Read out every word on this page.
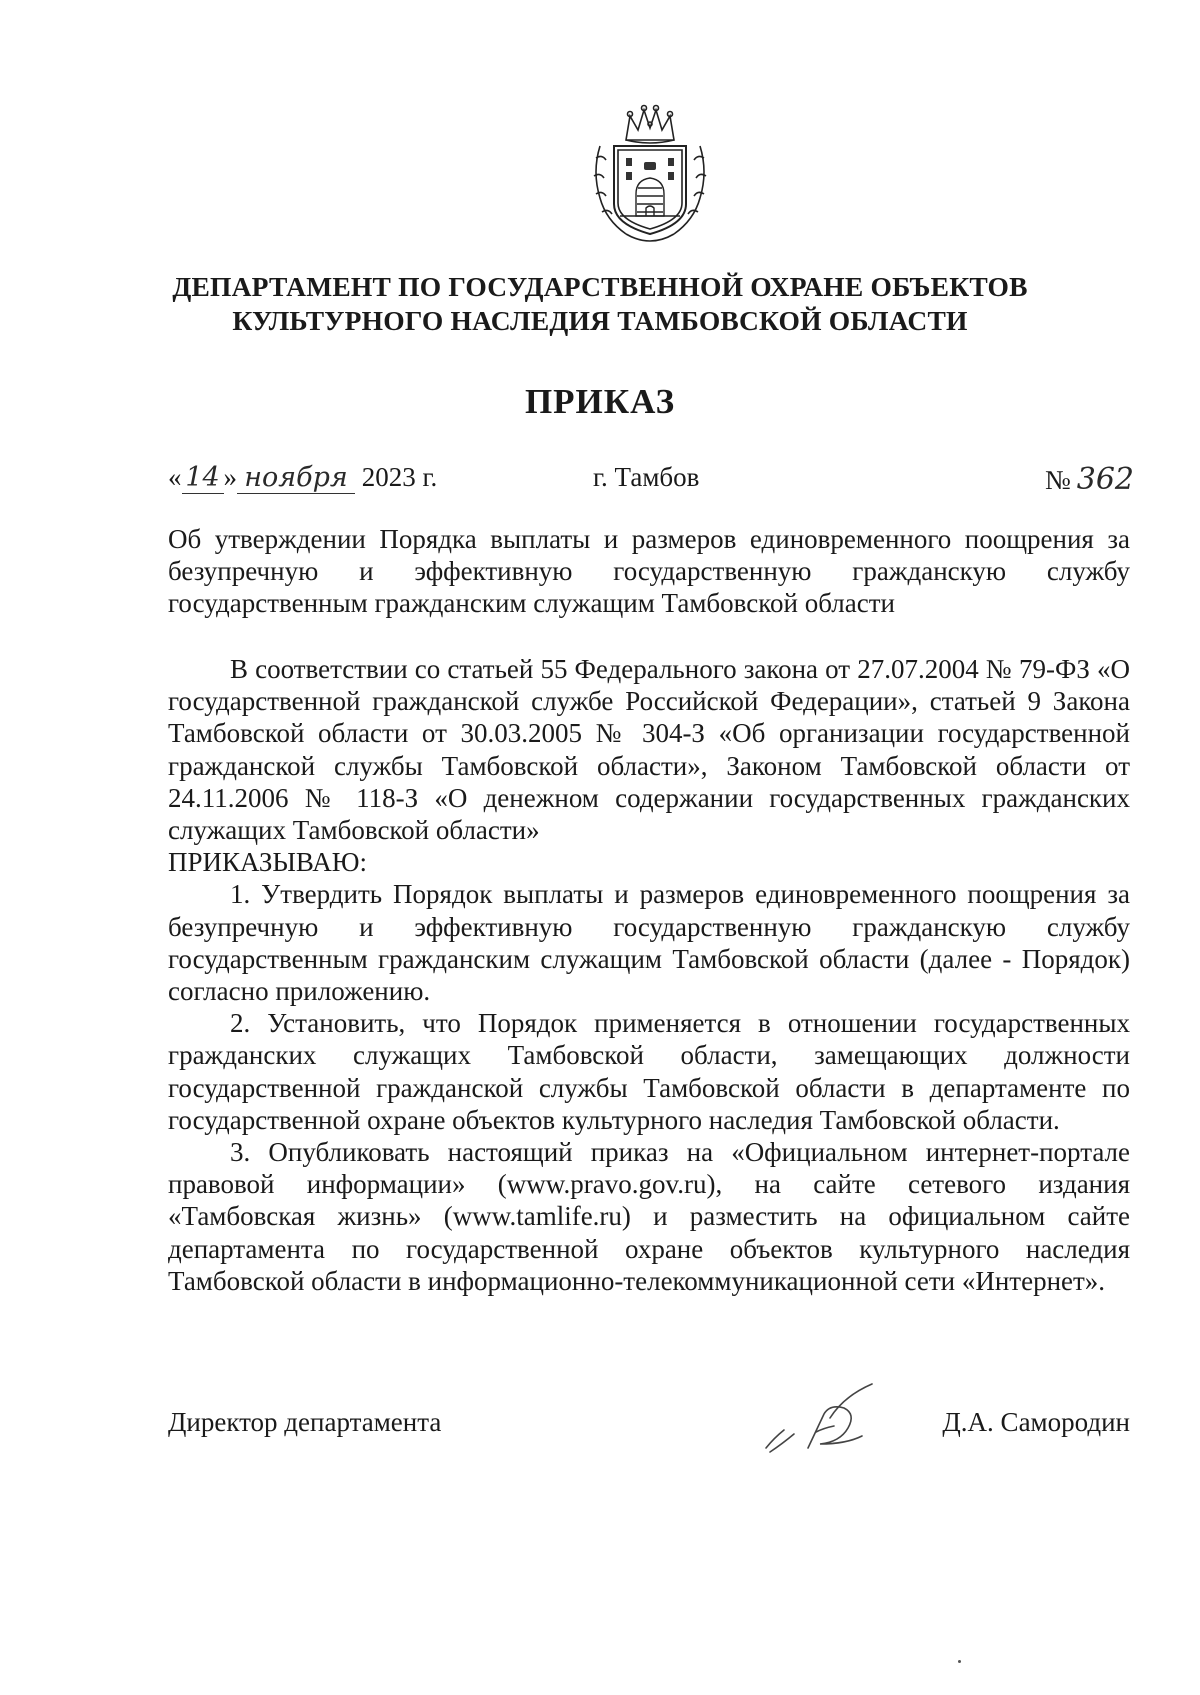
ДЕПАРТАМЕНТ ПО ГОСУДАРСТВЕННОЙ ОХРАНЕ ОБЪЕКТОВ
КУЛЬТУРНОГО НАСЛЕДИЯ ТАМБОВСКОЙ ОБЛАСТИ
ПРИКАЗ
« 14 » ноября 2023 г.	г. Тамбов	№ 362
Об утверждении Порядка выплаты и размеров единовременного поощрения за безупречную и эффективную государственную гражданскую службу государственным гражданским служащим Тамбовской области

В соответствии со статьей 55 Федерального закона от 27.07.2004 № 79-ФЗ «О государственной гражданской службе Российской Федерации», статьей 9 Закона Тамбовской области от 30.03.2005 № 304-З «Об организации государственной гражданской службы Тамбовской области», Законом Тамбовской области от 24.11.2006 № 118-З «О денежном содержании государственных гражданских служащих Тамбовской области»

ПРИКАЗЫВАЮ:

1. Утвердить Порядок выплаты и размеров единовременного поощрения за безупречную и эффективную государственную гражданскую службу государственным гражданским служащим Тамбовской области (далее - Порядок) согласно приложению.

2. Установить, что Порядок применяется в отношении государственных гражданских служащих Тамбовской области, замещающих должности государственной гражданской службы Тамбовской области в департаменте по государственной охране объектов культурного наследия Тамбовской области.

3. Опубликовать настоящий приказ на «Официальном интернет-портале правовой информации» (www.pravo.gov.ru), на сайте сетевого издания «Тамбовская жизнь» (www.tamlife.ru) и разместить на официальном сайте департамента по государственной охране объектов культурного наследия Тамбовской области в информационно-телекоммуникационной сети «Интернет».

Директор департамента	Д.А. Самородин
